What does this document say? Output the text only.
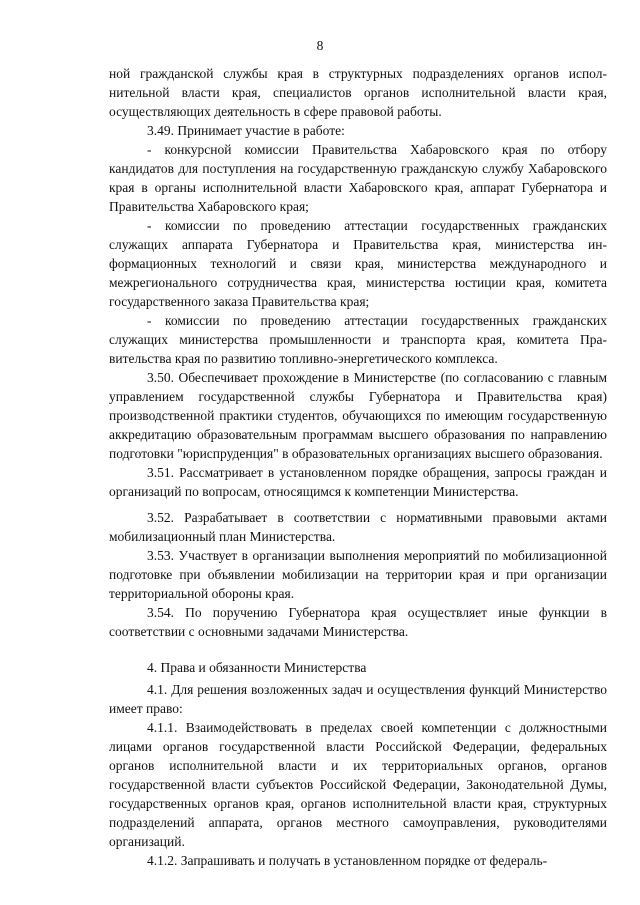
8

ной гражданской службы края в структурных подразделениях органов исполнительной власти края, специалистов органов исполнительной власти края, осуществляющих деятельность в сфере правовой работы.

3.49. Принимает участие в работе:

- конкурсной комиссии Правительства Хабаровского края по отбору кандидатов для поступления на государственную гражданскую службу Хабаровского края в органы исполнительной власти Хабаровского края, аппарат Губернатора и Правительства Хабаровского края;

- комиссии по проведению аттестации государственных гражданских служащих аппарата Губернатора и Правительства края, министерства информационных технологий и связи края, министерства международного и межрегионального сотрудничества края, министерства юстиции края, комитета государственного заказа Правительства края;

- комиссии по проведению аттестации государственных гражданских служащих министерства промышленности и транспорта края, комитета Правительства края по развитию топливно-энергетического комплекса.

3.50. Обеспечивает прохождение в Министерстве (по согласованию с главным управлением государственной службы Губернатора и Правительства края) производственной практики студентов, обучающихся по имеющим государственную аккредитацию образовательным программам высшего образования по направлению подготовки "юриспруденция" в образовательных организациях высшего образования.

3.51. Рассматривает в установленном порядке обращения, запросы граждан и организаций по вопросам, относящимся к компетенции Министерства.

3.52. Разрабатывает в соответствии с нормативными правовыми актами мобилизационный план Министерства.

3.53. Участвует в организации выполнения мероприятий по мобилизационной подготовке при объявлении мобилизации на территории края и при организации территориальной обороны края.

3.54. По поручению Губернатора края осуществляет иные функции в соответствии с основными задачами Министерства.

4. Права и обязанности Министерства

4.1. Для решения возложенных задач и осуществления функций Министерство имеет право:

4.1.1. Взаимодействовать в пределах своей компетенции с должностными лицами органов государственной власти Российской Федерации, федеральных органов исполнительной власти и их территориальных органов, органов государственной власти субъектов Российской Федерации, Законодательной Думы, государственных органов края, органов исполнительной власти края, структурных подразделений аппарата, органов местного самоуправления, руководителями организаций.

4.1.2. Запрашивать и получать в установленном порядке от федераль-
